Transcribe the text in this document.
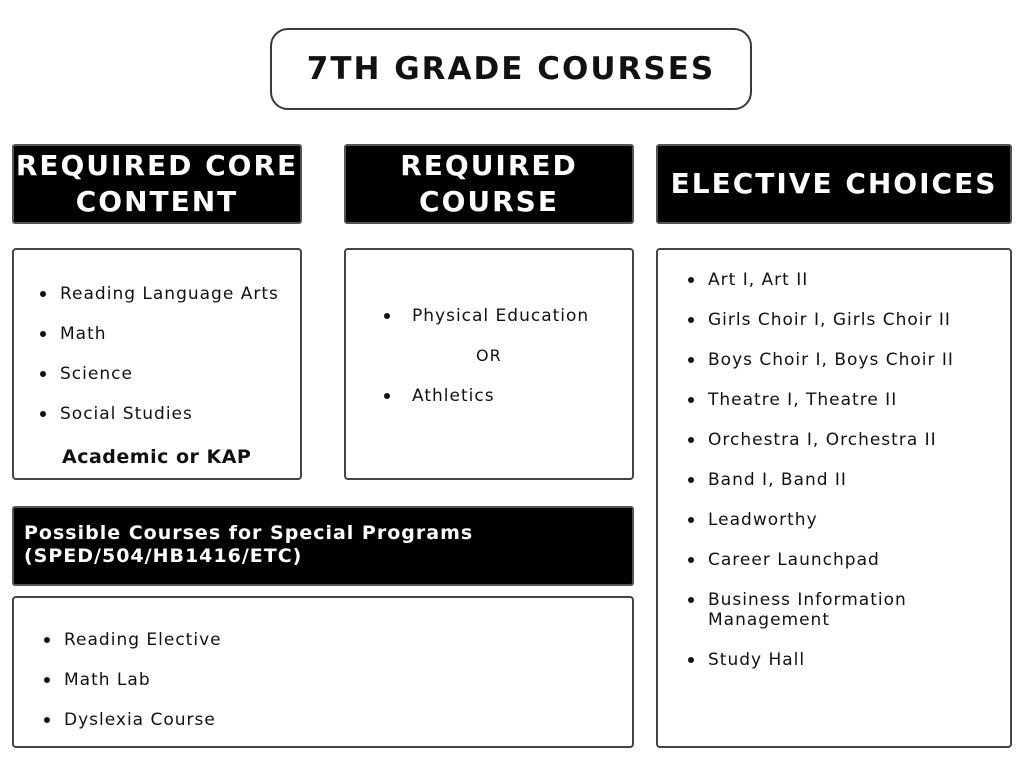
7TH GRADE COURSES
REQUIRED CORE
CONTENT
Reading Language Arts
Math
Science
Social Studies
Academic or KAP
REQUIRED
COURSE
Physical Education
OR
Athletics
ELECTIVE CHOICES
Art I, Art II
Girls Choir I, Girls Choir II
Boys Choir I, Boys Choir II
Theatre I, Theatre II
Orchestra I, Orchestra II
Band I, Band II
Leadworthy
Career Launchpad
Business Information
Management
Study Hall
Possible Courses for Special Programs
(SPED/504/HB1416/ETC)
Reading Elective
Math Lab
Dyslexia Course
